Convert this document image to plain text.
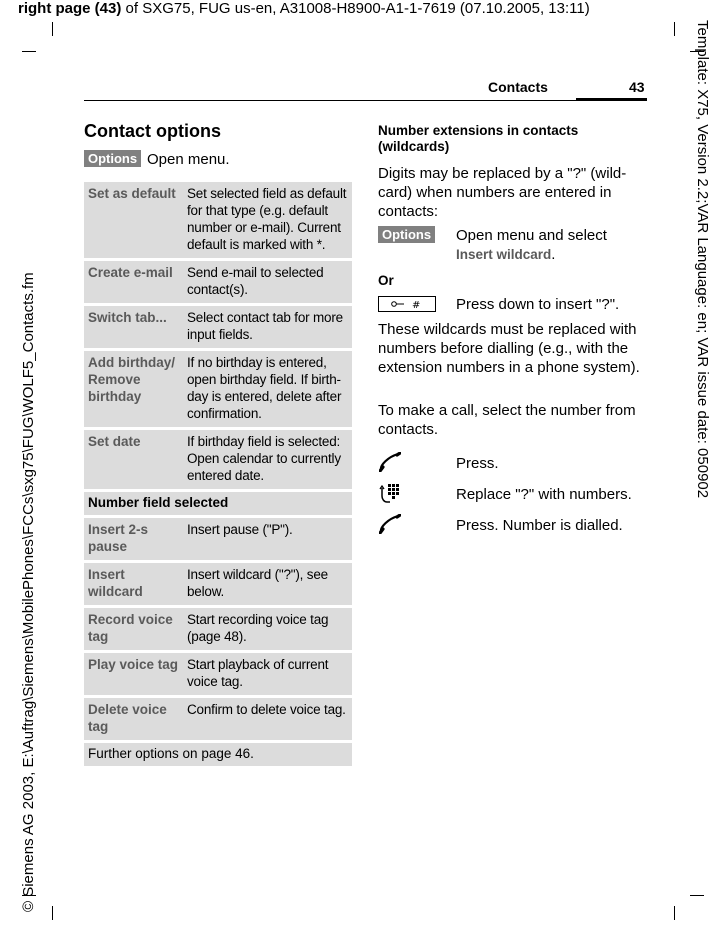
right page (43) of SXG75, FUG us-en, A31008-H8900-A1-1-7619 (07.10.2005, 13:11)
Template: X75, Version 2.2;VAR Language: en; VAR issue date: 050902
© Siemens AG 2003, E:\Auftrag\Siemens\MobilePhones\FCCs\sxg75\FUG\WOLF5_Contacts.fm
Contacts	43
Contact options
Options Open menu.
Set as default	Set selected field as default for that type (e.g. default number or e-mail). Current default is marked with *.
Create e-mail	Send e-mail to selected contact(s).
Switch tab...	Select contact tab for more input fields.
Add birthday/ Remove birthday	If no birthday is entered, open birthday field. If birth-day is entered, delete after confirmation.
Set date	If birthday field is selected: Open calendar to currently entered date.
Number field selected	
Insert 2-s pause	Insert pause ("P").
Insert wildcard	Insert wildcard ("?"), see below.
Record voice tag	Start recording voice tag (page 48).
Play voice tag	Start playback of current voice tag.
Delete voice tag	Confirm to delete voice tag.
Further options on page 46.	
Number extensions in contacts (wildcards)
Digits may be replaced by a "?" (wild-card) when numbers are entered in contacts:
Options Open menu and select
Insert wildcard.
Or
# Press down to insert "?".
These wildcards must be replaced with numbers before dialling (e.g., with the extension numbers in a phone system).
To make a call, select the number from contacts.
Press.
Replace "?" with numbers.
Press. Number is dialled.
